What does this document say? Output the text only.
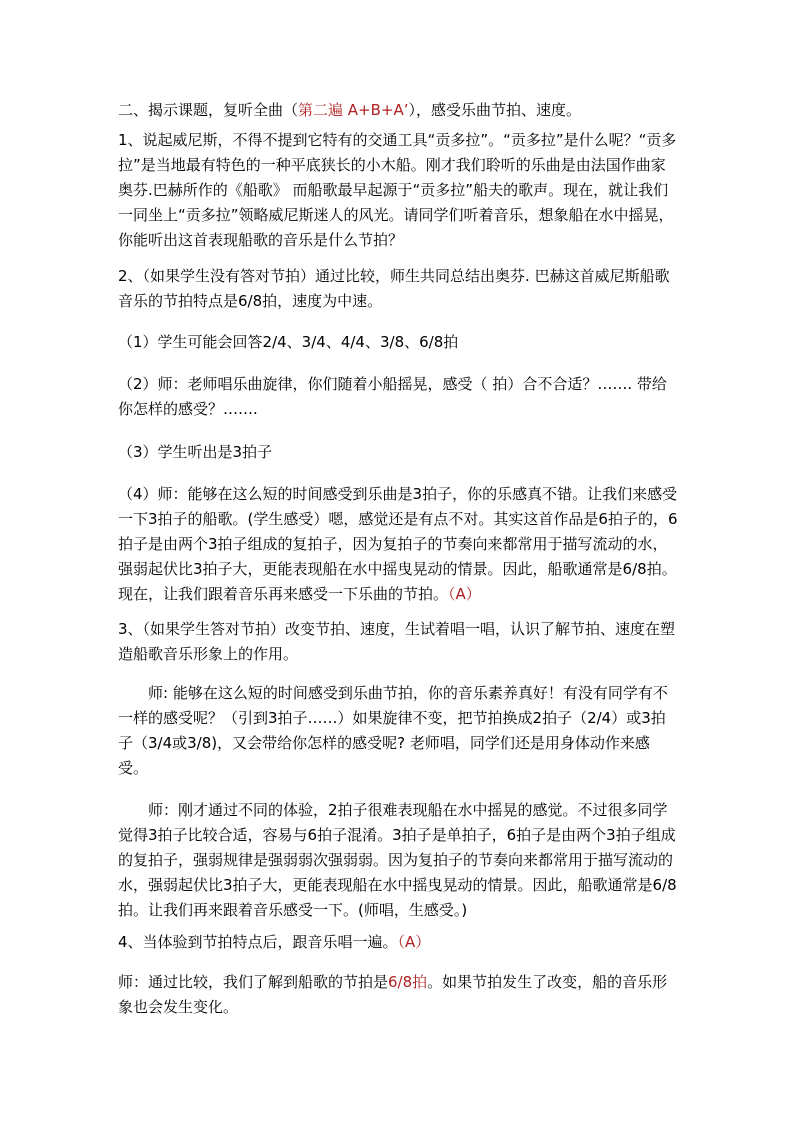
二、揭示课题，复听全曲（第二遍 A+B+A’），感受乐曲节拍、速度。
1、说起威尼斯，不得不提到它特有的交通工具“贡多拉”。“贡多拉”是什么呢？“贡多拉”是当地最有特色的一种平底狭长的小木船。刚才我们聆听的乐曲是由法国作曲家奥芬.巴赫所作的《船歌》 而船歌最早起源于“贡多拉”船夫的歌声。现在，就让我们一同坐上“贡多拉”领略威尼斯迷人的风光。请同学们听着音乐，想象船在水中摇晃，你能听出这首表现船歌的音乐是什么节拍？
2、（如果学生没有答对节拍）通过比较，师生共同总结出奥芬. 巴赫这首威尼斯船歌音乐的节拍特点是6/8拍，速度为中速。
（1）学生可能会回答2/4、3/4、4/4、3/8、6/8拍
（2）师：老师唱乐曲旋律，你们随着小船摇晃，感受（ 拍）合不合适？……. 带给你怎样的感受？…….
（3）学生听出是3拍子
（4）师：能够在这么短的时间感受到乐曲是3拍子，你的乐感真不错。让我们来感受一下3拍子的船歌。(学生感受）嗯，感觉还是有点不对。其实这首作品是6拍子的，6拍子是由两个3拍子组成的复拍子，因为复拍子的节奏向来都常用于描写流动的水，强弱起伏比3拍子大，更能表现船在水中摇曳晃动的情景。因此，船歌通常是6/8拍。现在，让我们跟着音乐再来感受一下乐曲的节拍。（A）
3、（如果学生答对节拍）改变节拍、速度，生试着唱一唱，认识了解节拍、速度在塑造船歌音乐形象上的作用。
师: 能够在这么短的时间感受到乐曲节拍，你的音乐素养真好！有没有同学有不一样的感受呢？（引到3拍子……）如果旋律不变，把节拍换成2拍子（2/4）或3拍子（3/4或3/8)，又会带给你怎样的感受呢? 老师唱，同学们还是用身体动作来感受。
师：刚才通过不同的体验，2拍子很难表现船在水中摇晃的感觉。不过很多同学觉得3拍子比较合适，容易与6拍子混淆。3拍子是单拍子，6拍子是由两个3拍子组成的复拍子，强弱规律是强弱弱次强弱弱。因为复拍子的节奏向来都常用于描写流动的水，强弱起伏比3拍子大，更能表现船在水中摇曳晃动的情景。因此，船歌通常是6/8拍。让我们再来跟着音乐感受一下。(师唱，生感受。)
4、当体验到节拍特点后，跟音乐唱一遍。（A）
师：通过比较，我们了解到船歌的节拍是6/8拍。如果节拍发生了改变，船的音乐形象也会发生变化。
